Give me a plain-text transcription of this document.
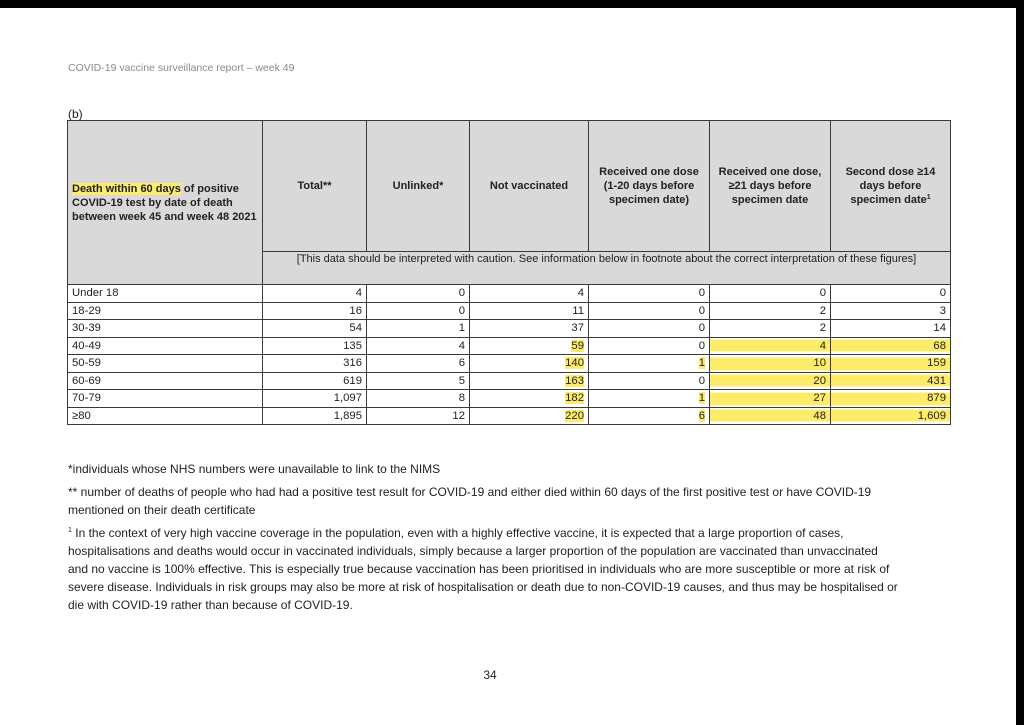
COVID-19 vaccine surveillance report – week 49
(b)
Death within 60 days of positive COVID-19 test by date of death between week 45 and week 48 2021	Total**	Unlinked*	Not vaccinated	Received one dose (1-20 days before specimen date)	Received one dose, ≥21 days before specimen date	Second dose ≥14 days before specimen date$^1$
	[This data should be interpreted with caution. See information below in footnote about the correct interpretation of these figures]					
Under 18	4	0	4	0	0	0
18-29	16	0	11	0	2	3
30-39	54	1	37	0	2	14
40-49	135	4	59	0	4	68
50-59	316	6	140	1	10	159
60-69	619	5	163	0	20	431
70-79	1,097	8	182	1	27	879
≥80	1,895	12	220	6	48	1,609

*individuals whose NHS numbers were unavailable to link to the NIMS

** number of deaths of people who had had a positive test result for COVID-19 and either died within 60 days of the first positive test or have COVID-19 mentioned on their death certificate

$^1$ In the context of very high vaccine coverage in the population, even with a highly effective vaccine, it is expected that a large proportion of cases, hospitalisations and deaths would occur in vaccinated individuals, simply because a larger proportion of the population are vaccinated than unvaccinated and no vaccine is 100% effective. This is especially true because vaccination has been prioritised in individuals who are more susceptible or more at risk of severe disease. Individuals in risk groups may also be more at risk of hospitalisation or death due to non-COVID-19 causes, and thus may be hospitalised or die with COVID-19 rather than because of COVID-19.

34
